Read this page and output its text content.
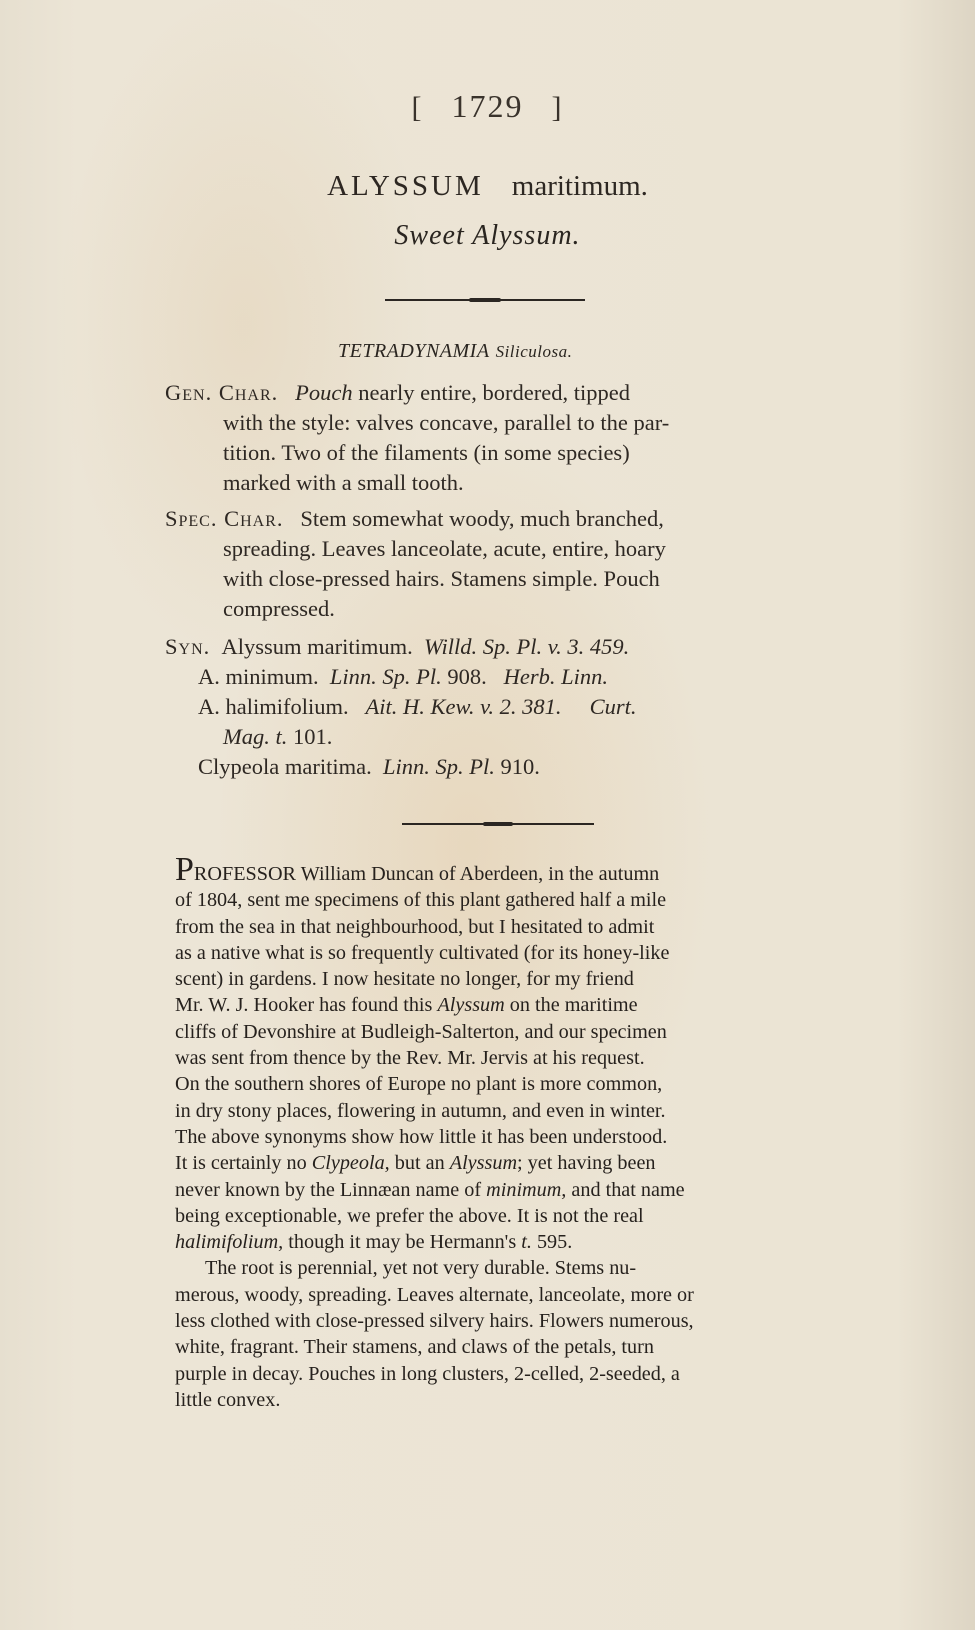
[ 1729 ]
ALYSSUM maritimum.
Sweet Alyssum.
TETRADYNAMIA Siliculosa.
Gen. Char. Pouch nearly entire, bordered, tipped
with the style: valves concave, parallel to the par-
tition. Two of the filaments (in some species)
marked with a small tooth.
Spec. Char. Stem somewhat woody, much branched,
spreading. Leaves lanceolate, acute, entire, hoary
with close-pressed hairs. Stamens simple. Pouch
compressed.
Syn. Alyssum maritimum. Willd. Sp. Pl. v. 3. 459.
A. minimum. Linn. Sp. Pl. 908. Herb. Linn.
A. halimifolium. Ait. H. Kew. v. 2. 381. Curt.
Mag. t. 101.
Clypeola maritima. Linn. Sp. Pl. 910.
PROFESSOR William Duncan of Aberdeen, in the autumn
of 1804, sent me specimens of this plant gathered half a mile
from the sea in that neighbourhood, but I hesitated to admit
as a native what is so frequently cultivated (for its honey-like
scent) in gardens. I now hesitate no longer, for my friend
Mr. W. J. Hooker has found this Alyssum on the maritime
cliffs of Devonshire at Budleigh-Salterton, and our specimen
was sent from thence by the Rev. Mr. Jervis at his request.
On the southern shores of Europe no plant is more common,
in dry stony places, flowering in autumn, and even in winter.
The above synonyms show how little it has been understood.
It is certainly no Clypeola, but an Alyssum; yet having been
never known by the Linnæan name of minimum, and that name
being exceptionable, we prefer the above. It is not the real
halimifolium, though it may be Hermann's t. 595.
The root is perennial, yet not very durable. Stems nu-
merous, woody, spreading. Leaves alternate, lanceolate, more or
less clothed with close-pressed silvery hairs. Flowers numerous,
white, fragrant. Their stamens, and claws of the petals, turn
purple in decay. Pouches in long clusters, 2-celled, 2-seeded, a
little convex.
